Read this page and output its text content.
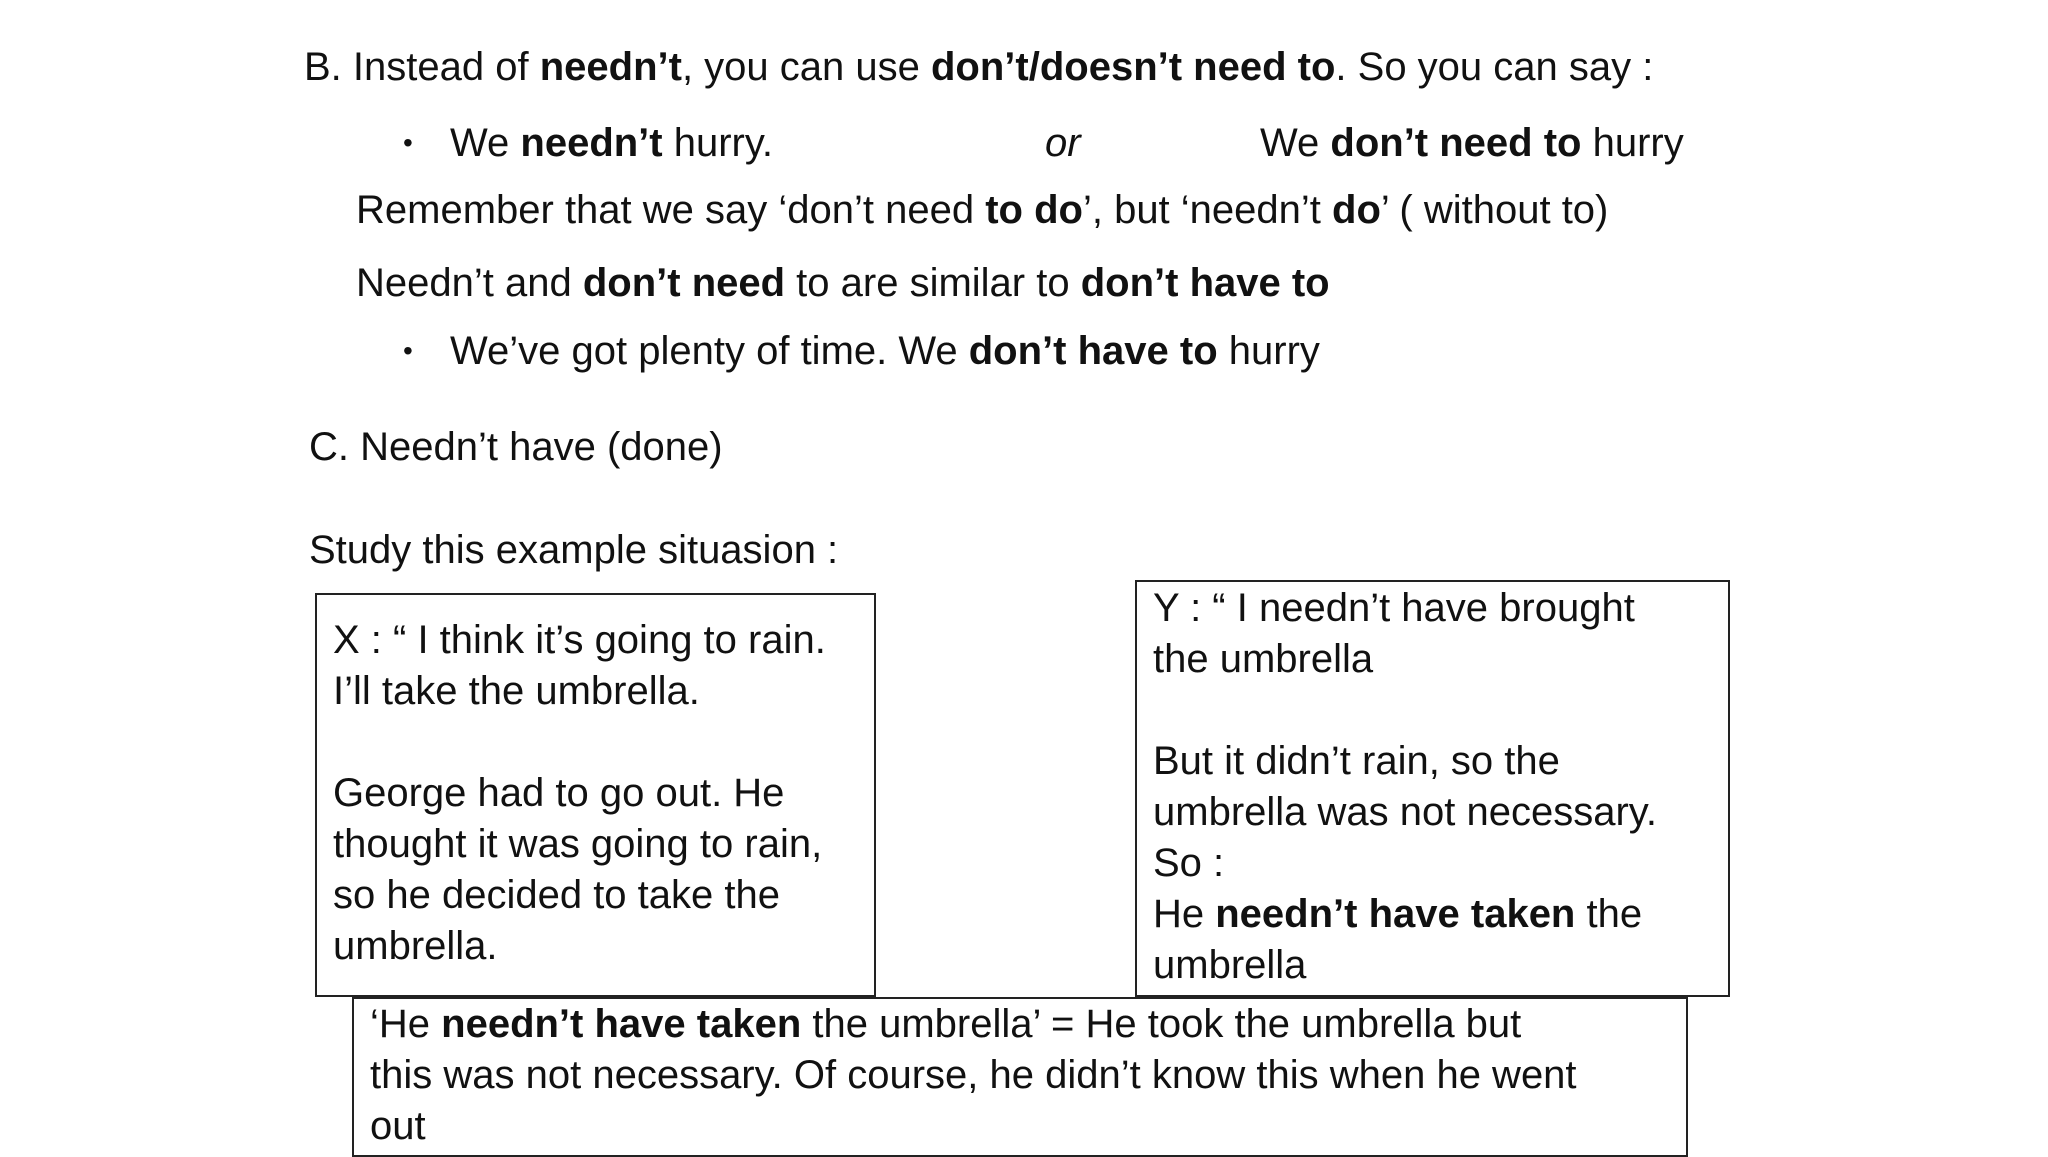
B. Instead of needn’t, you can use don’t/doesn’t need to. So you can say :

• We needn’t hurry.	or	We don’t need to hurry

Remember that we say ‘don’t need to do’, but ‘needn’t do’ ( without to)

Needn’t and don’t need to are similar to don’t have to

• We’ve got plenty of time. We don’t have to hurry

C. Needn’t have (done)

Study this example situasion :

X : “ I think it’s going to rain.

I’ll take the umbrella.

George had to go out. He

thought it was going to rain,

so he decided to take the

umbrella.

Y : “ I needn’t have brought

the umbrella

But it didn’t rain, so the

umbrella was not necessary.

So :

He needn’t have taken the

umbrella

‘He needn’t have taken the umbrella’ = He took the umbrella but

this was not necessary. Of course, he didn’t know this when he went

out
